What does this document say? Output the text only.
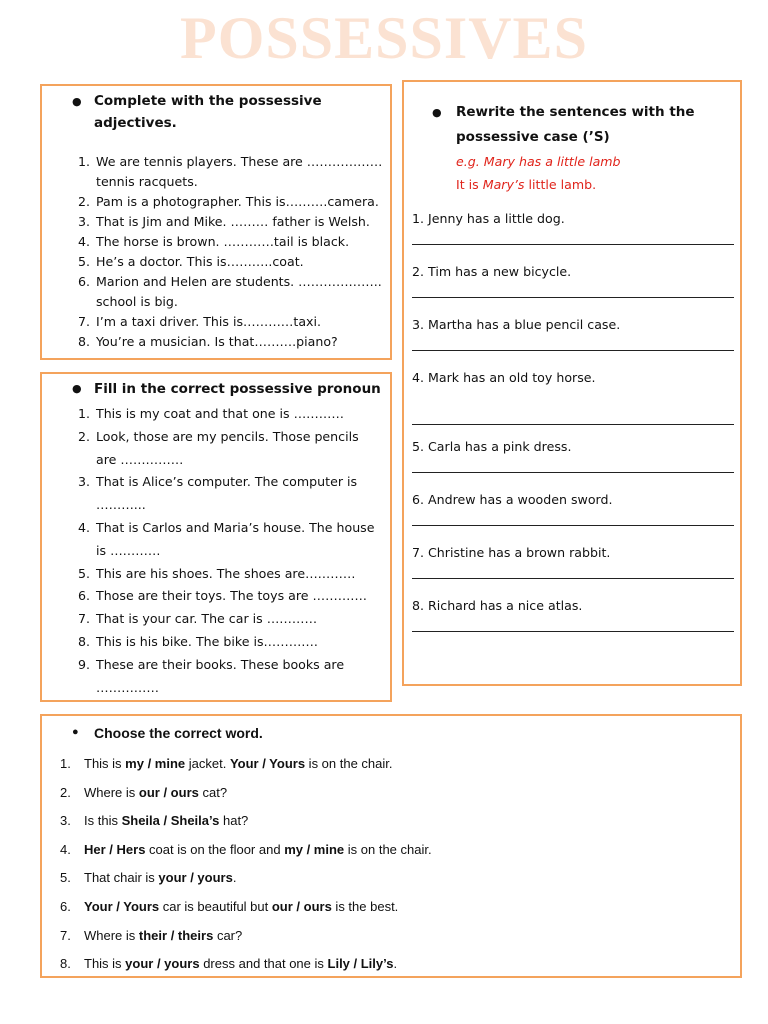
POSSESSIVES
● Complete with the possessive
adjectives.
1. We are tennis players. These are ………………
tennis racquets.
2. Pam is a photographer. This is……….camera.
3. That is Jim and Mike. ……… father is Welsh.
4. The horse is brown. …………tail is black.
5. He’s a doctor. This is………..coat.
6. Marion and Helen are students. ………………..
school is big.
7. I’m a taxi driver. This is…………taxi.
8. You’re a musician. Is that……….piano?
● Fill in the correct possessive pronoun
1. This is my coat and that one is …………
2. Look, those are my pencils. Those pencils
are ……………
3. That is Alice’s computer. The computer is
………...
4. That is Carlos and Maria’s house. The house
is …………
5. This are his shoes. The shoes are…………
6. Those are their toys. The toys are ………….
7. That is your car. The car is …………
8. This is his bike. The bike is………….
9. These are their books. These books are
……………
● Rewrite the sentences with the
possessive case (’S)
e.g. Mary has a little lamb
It is Mary’s little lamb.
1. Jenny has a little dog.
2. Tim has a new bicycle.
3. Martha has a blue pencil case.
4. Mark has an old toy horse.
5. Carla has a pink dress.
6. Andrew has a wooden sword.
7. Christine has a brown rabbit.
8. Richard has a nice atlas.
● Choose the correct word.
1.	This is my / mine jacket. Your / Yours is on the chair.
2.	Where is our / ours cat?
3.	Is this Sheila / Sheila’s hat?
4.	Her / Hers coat is on the floor and my / mine is on the chair.
5.	That chair is your / yours.
6.	Your / Yours car is beautiful but our / ours is the best.
7.	Where is their / theirs car?
8.	This is your / yours dress and that one is Lily / Lily’s.
